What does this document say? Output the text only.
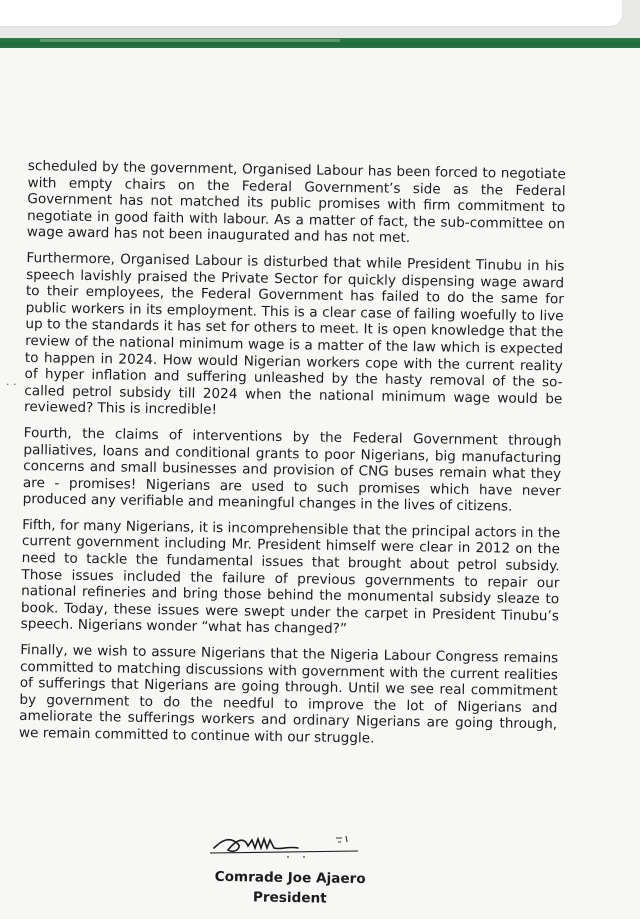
· ·

scheduled by the government, Organised Labour has been forced to negotiate with empty chairs on the Federal Government’s side as the Federal Government has not matched its public promises with firm commitment to negotiate in good faith with labour. As a matter of fact, the sub-committee on wage award has not been inaugurated and has not met.

Furthermore, Organised Labour is disturbed that while President Tinubu in his speech lavishly praised the Private Sector for quickly dispensing wage award to their employees, the Federal Government has failed to do the same for public workers in its employment. This is a clear case of failing woefully to live up to the standards it has set for others to meet. It is open knowledge that the review of the national minimum wage is a matter of the law which is expected to happen in 2024. How would Nigerian workers cope with the current reality of hyper inflation and suffering unleashed by the hasty removal of the so-called petrol subsidy till 2024 when the national minimum wage would be reviewed? This is incredible!

Fourth, the claims of interventions by the Federal Government through palliatives, loans and conditional grants to poor Nigerians, big manufacturing concerns and small businesses and provision of CNG buses remain what they are - promises! Nigerians are used to such promises which have never produced any verifiable and meaningful changes in the lives of citizens.

Fifth, for many Nigerians, it is incomprehensible that the principal actors in the current government including Mr. President himself were clear in 2012 on the need to tackle the fundamental issues that brought about petrol subsidy. Those issues included the failure of previous governments to repair our national refineries and bring those behind the monumental subsidy sleaze to book. Today, these issues were swept under the carpet in President Tinubu’s speech. Nigerians wonder “what has changed?”

Finally, we wish to assure Nigerians that the Nigeria Labour Congress remains committed to matching discussions with government with the current realities of sufferings that Nigerians are going through. Until we see real commitment by government to do the needful to improve the lot of Nigerians and ameliorate the sufferings workers and ordinary Nigerians are going through, we remain committed to continue with our struggle.

Comrade Joe Ajaero
President
